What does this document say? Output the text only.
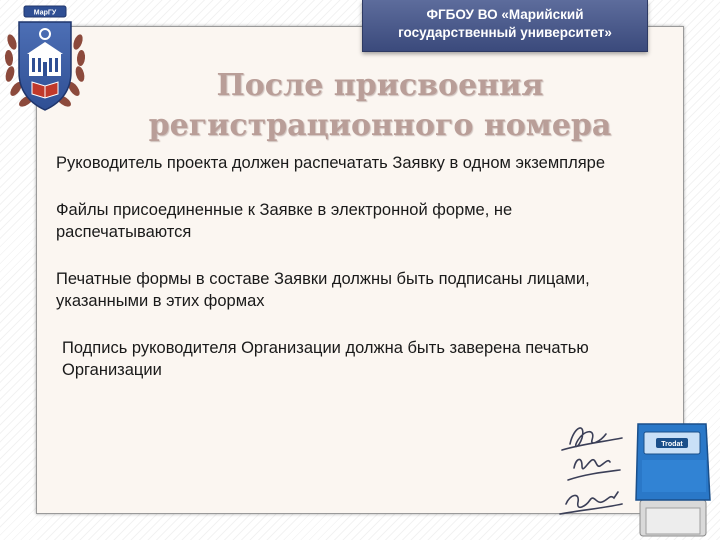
ФГБОУ ВО «Марийский
государственный университет»
МарГУ
После присвоения
регистрационного номера
Руководитель проекта должен распечатать Заявку в одном экземпляре
Файлы присоединенные к Заявке в электронной форме, не распечатываются
Печатные формы в составе Заявки должны быть подписаны лицами, указанными в этих формах
Подпись руководителя Организации должна быть заверена печатью Организации
Trodat
